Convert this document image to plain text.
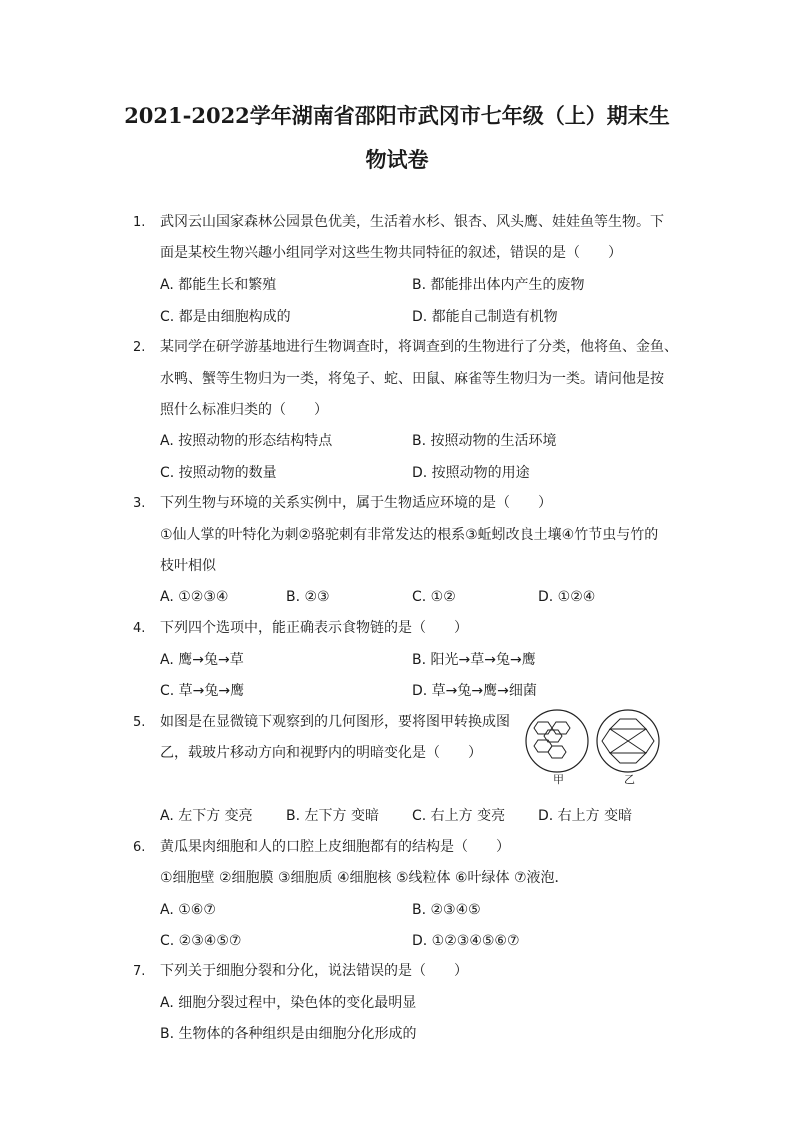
2021-2022学年湖南省邵阳市武冈市七年级（上）期末生
物试卷
1. 武冈云山国家森林公园景色优美，生活着水杉、银杏、风头鹰、娃娃鱼等生物。下
面是某校生物兴趣小组同学对这些生物共同特征的叙述，错误的是（　　）
A. 都能生长和繁殖	B. 都能排出体内产生的废物
C. 都是由细胞构成的	D. 都能自己制造有机物
2. 某同学在研学游基地进行生物调查时，将调查到的生物进行了分类，他将鱼、金鱼、
水鸭、蟹等生物归为一类，将兔子、蛇、田鼠、麻雀等生物归为一类。请问他是按
照什么标准归类的（　　）
A. 按照动物的形态结构特点	B. 按照动物的生活环境
C. 按照动物的数量	D. 按照动物的用途
3. 下列生物与环境的关系实例中，属于生物适应环境的是（　　）
①仙人掌的叶特化为刺②骆驼刺有非常发达的根系③蚯蚓改良土壤④竹节虫与竹的
枝叶相似
A. ①②③④	B. ②③	C. ①②	D. ①②④
4. 下列四个选项中，能正确表示食物链的是（　　）
A. 鹰→兔→草	B. 阳光→草→兔→鹰
C. 草→兔→鹰	D. 草→兔→鹰→细菌
5. 如图是在显微镜下观察到的几何图形，要将图甲转换成图
乙，载玻片移动方向和视野内的明暗变化是（　　）
甲	乙
A. 左下方 变亮 B. 左下方 变暗 C. 右上方 变亮 D. 右上方 变暗
6. 黄瓜果肉细胞和人的口腔上皮细胞都有的结构是（　　）
①细胞壁 ②细胞膜 ③细胞质 ④细胞核 ⑤线粒体 ⑥叶绿体 ⑦液泡．
A. ①⑥⑦	B. ②③④⑤
C. ②③④⑤⑦	D. ①②③④⑤⑥⑦
7. 下列关于细胞分裂和分化，说法错误的是（　　）
A. 细胞分裂过程中，染色体的变化最明显
B. 生物体的各种组织是由细胞分化形成的
